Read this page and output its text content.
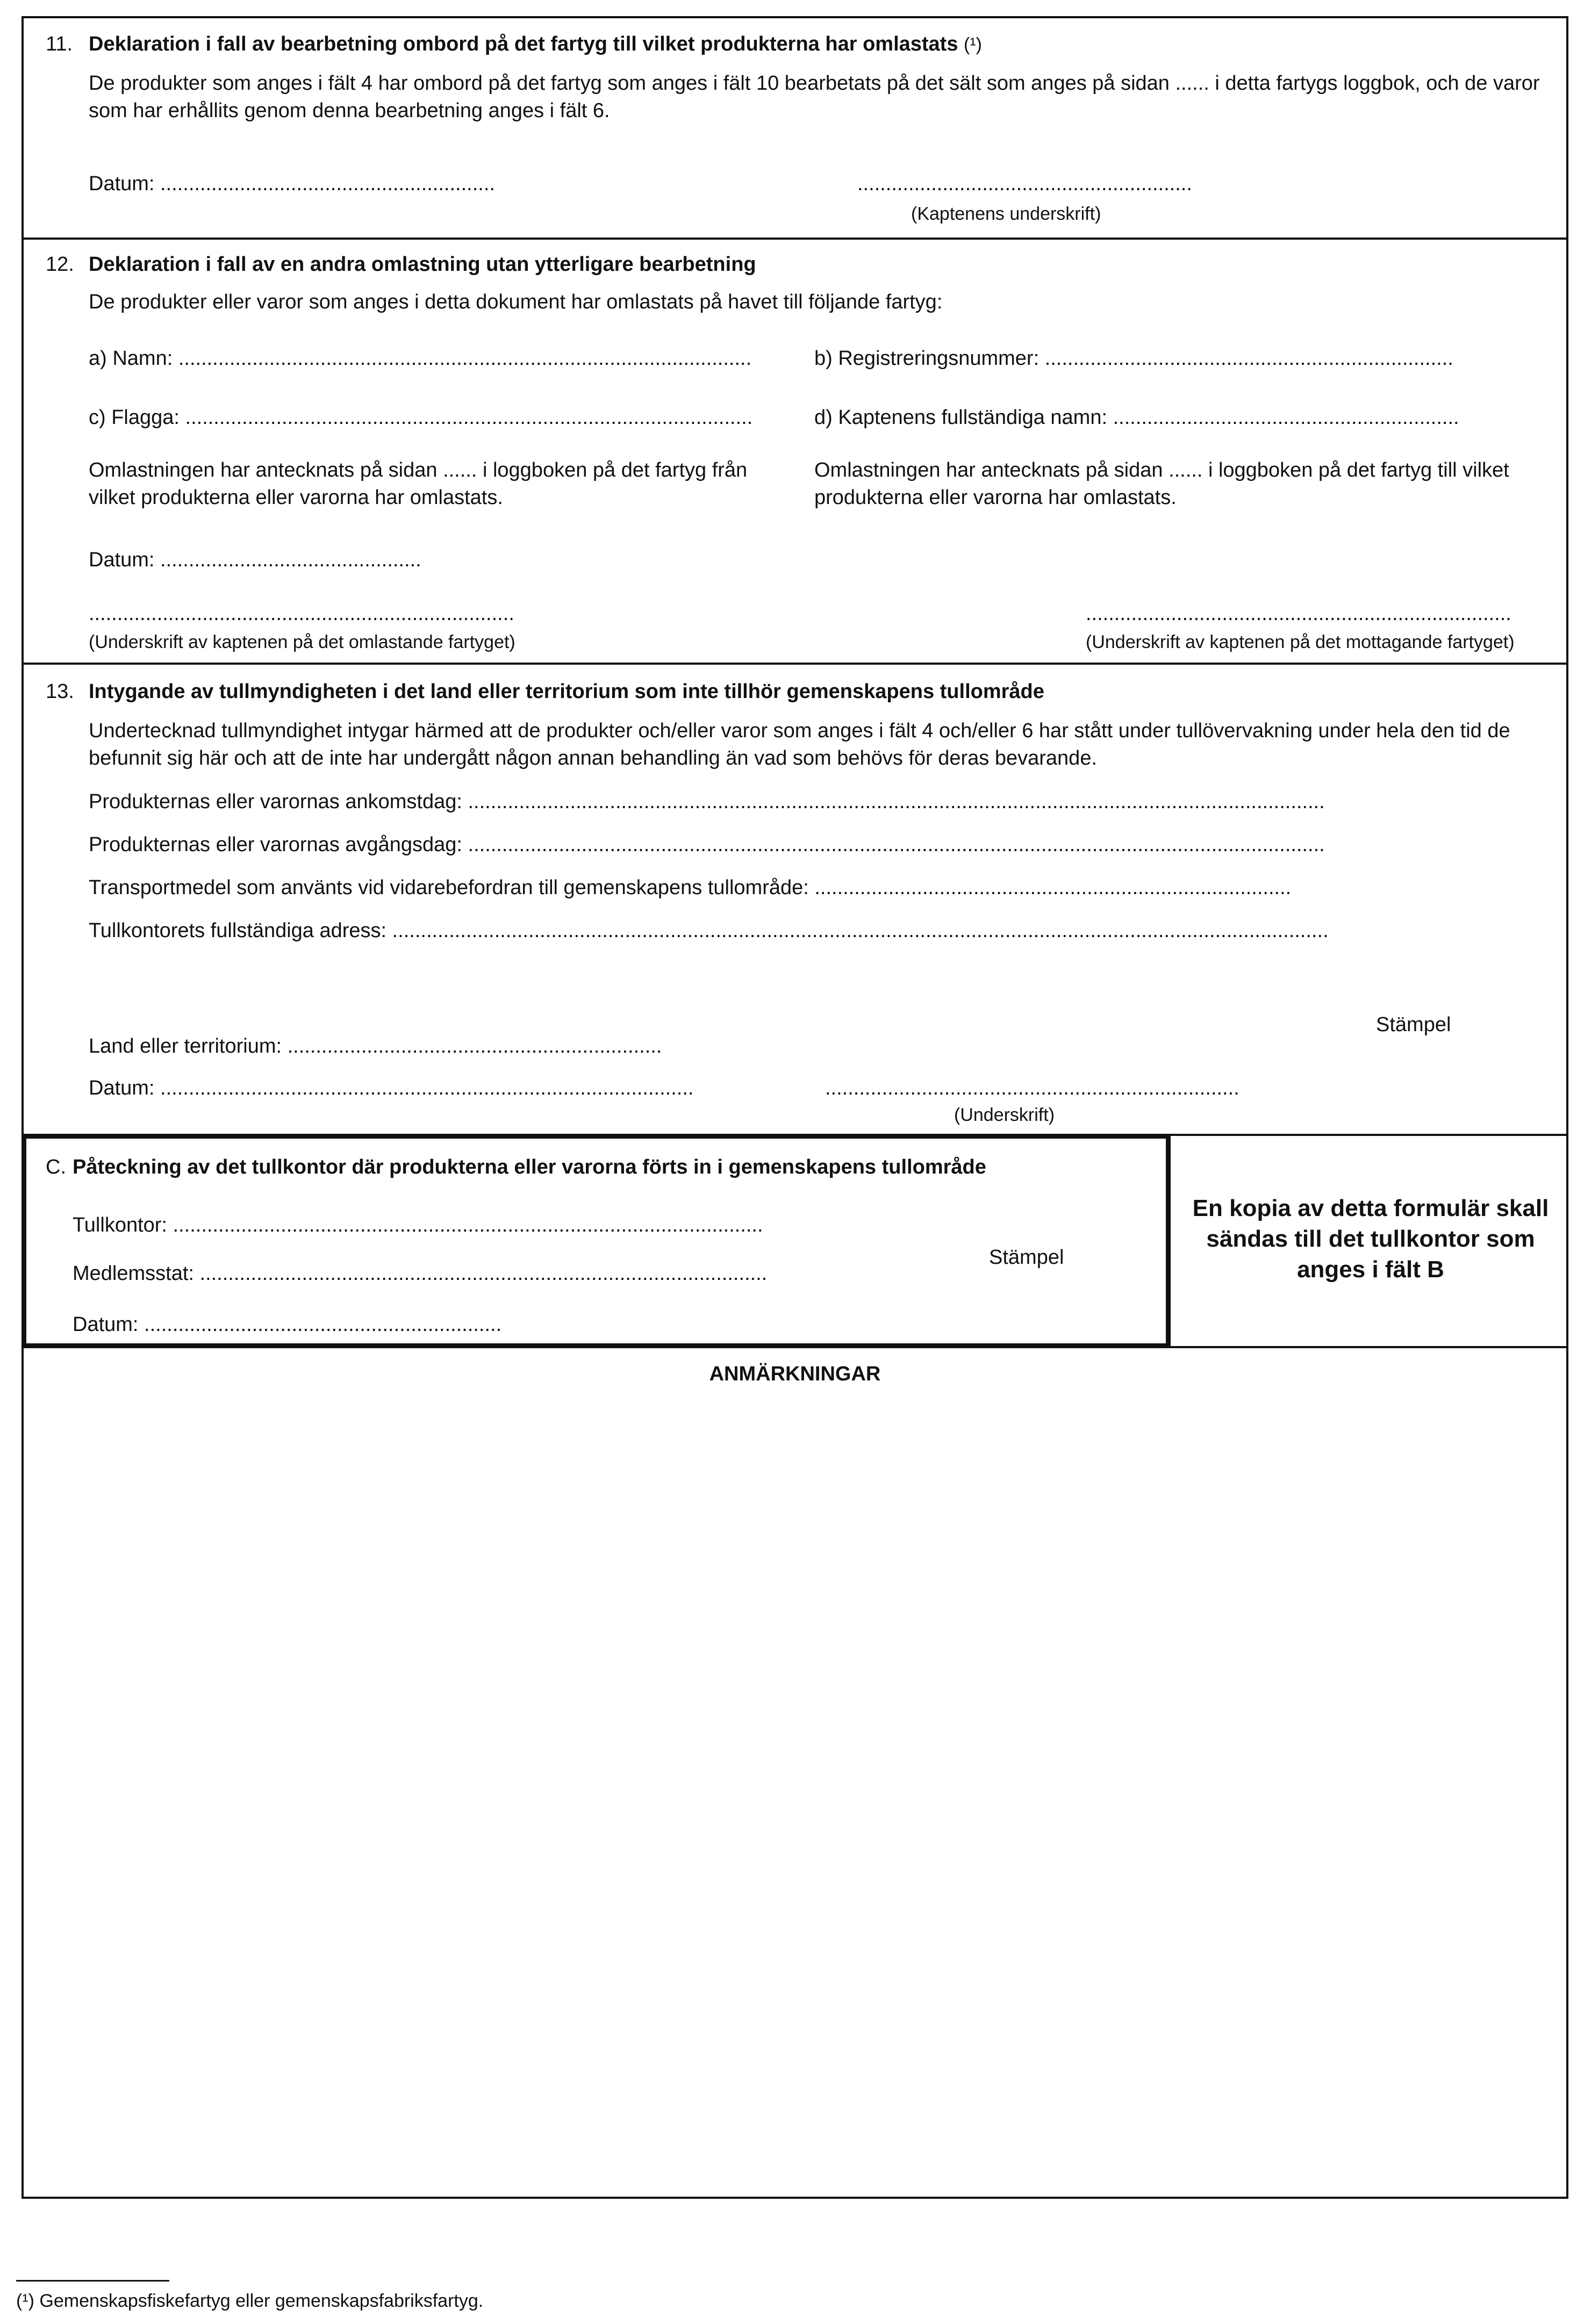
11. Deklaration i fall av bearbetning ombord på det fartyg till vilket produkterna har omlastats (¹)
De produkter som anges i fält 4 har ombord på det fartyg som anges i fält 10 bearbetats på det sält som anges på sidan ...... i detta fartygs loggbok, och de varor som har erhållits genom denna bearbetning anges i fält 6.
Datum: ...........................................................	...........................................................
(Kaptenens underskrift)
12. Deklaration i fall av en andra omlastning utan ytterligare bearbetning
De produkter eller varor som anges i detta dokument har omlastats på havet till följande fartyg:
a) Namn: .....................................................................................................	b) Registreringsnummer: ........................................................................
c) Flagga: ....................................................................................................	d) Kaptenens fullständiga namn: .............................................................
Omlastningen har antecknats på sidan ...... i loggboken på det fartyg från vilket produkterna eller varorna har omlastats.
Omlastningen har antecknats på sidan ...... i loggboken på det fartyg till vilket produkterna eller varorna har omlastats.
Datum: ..............................................
...........................................................................
(Underskrift av kaptenen på det omlastande fartyget)
...........................................................................
(Underskrift av kaptenen på det mottagande fartyget)
13. Intygande av tullmyndigheten i det land eller territorium som inte tillhör gemenskapens tullområde
Undertecknad tullmyndighet intygar härmed att de produkter och/eller varor som anges i fält 4 och/eller 6 har stått under tullövervakning under hela den tid de befunnit sig här och att de inte har undergått någon annan behandling än vad som behövs för deras bevarande.
Produkternas eller varornas ankomstdag: .......................................................................................................................................................
Produkternas eller varornas avgångsdag: .......................................................................................................................................................
Transportmedel som använts vid vidarebefordran till gemenskapens tullområde: ....................................................................................
Tullkontorets fullständiga adress: .....................................................................................................................................................................
Stämpel
Land eller territorium: ..................................................................
Datum: ..............................................................................................	.........................................................................
(Underskrift)
C. Påteckning av det tullkontor där produkterna eller varorna förts in i gemenskapens tullområde
Tullkontor: ........................................................................................................
Stämpel
Medlemsstat: ....................................................................................................
Datum: ...............................................................
En kopia av detta formulär skall sändas till det tullkontor som anges i fält B
ANMÄRKNINGAR
(¹) Gemenskapsfiskefartyg eller gemenskapsfabriksfartyg.
